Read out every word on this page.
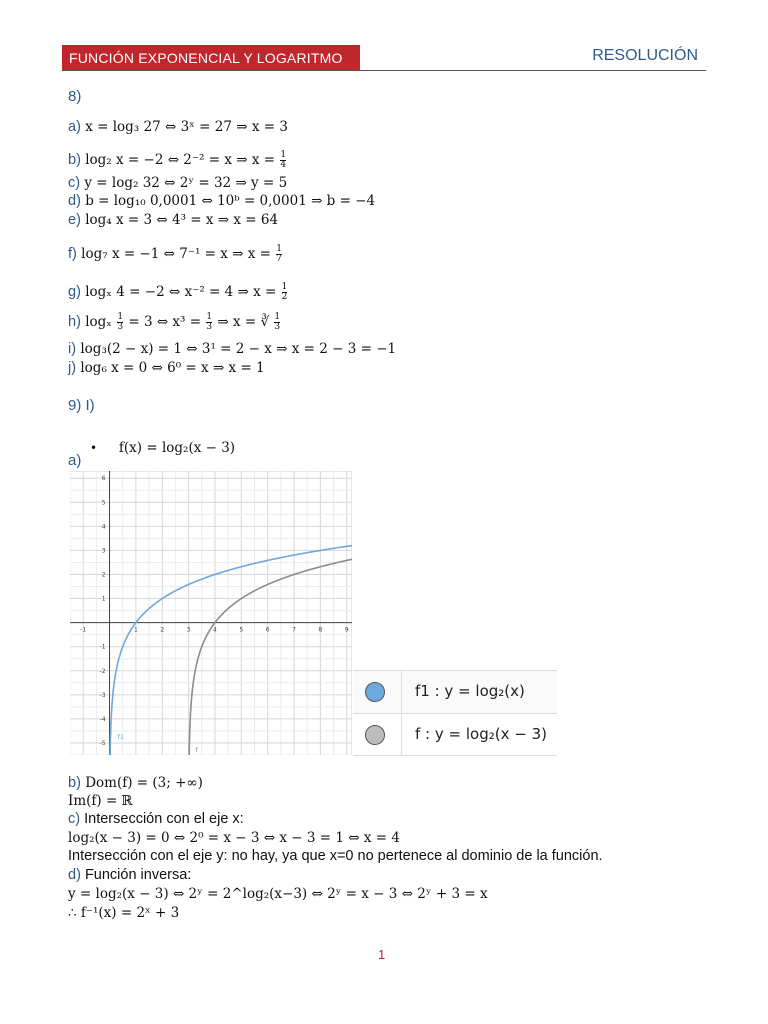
FUNCIÓN EXPONENCIAL Y LOGARITMO	RESOLUCIÓN
8)
a) x = log₃ 27 ⇔ 3ˣ = 27 ⇒ x = 3
b) log₂ x = −2 ⇔ 2⁻² = x ⇒ $x = \frac{1}{4}$
c) y = log₂ 32 ⇔ 2ʸ = 32 ⇒ y = 5
d) b = log₁₀ 0,0001 ⇔ 10ᵇ = 0,0001 ⇒ b = −4
e) log₄ x = 3 ⇔ 4³ = x ⇒ x = 64
f) log₇ x = −1 ⇔ 7⁻¹ = x ⇒ $x = \frac{1}{7}$
g) logₓ 4 = −2 ⇔ x⁻² = 4 ⇒ $x = \frac{1}{2}$
h) logₓ $\frac{1}{3} = 3$ ⇔ $x^3 = \frac{1}{3}$ ⇒ x = ∛ $\frac{1}{3}$
i) log₃(2 − x) = 1 ⇔ 3¹ = 2 − x ⇒ x = 2 − 3 = −1
j) log₆ x = 0 ⇔ 6⁰ = x ⇒ x = 1
9) I)
• f(x) = log₂(x − 3)
a)
-1	1	2	3	4	5	6	7	8	9
-5
-4
-3
-2
-1
1
2
3
4
5
6
f1
f
f1 : y = log₂(x)
f : y = log₂(x − 3)
b) Dom(f) = (3; +∞)
Im(f) = ℝ
c) Intersección con el eje x:
log₂(x − 3) = 0 ⇔ 2⁰ = x − 3 ⇔ x − 3 = 1 ⇔ x = 4
Intersección con el eje y: no hay, ya que x=0 no pertenece al dominio de la función.
d) Función inversa:
y = log₂(x − 3) ⇔ 2ʸ = 2^log₂(x−3) ⇔ 2ʸ = x − 3 ⇔ 2ʸ + 3 = x
∴ f⁻¹(x) = 2ˣ + 3
1
